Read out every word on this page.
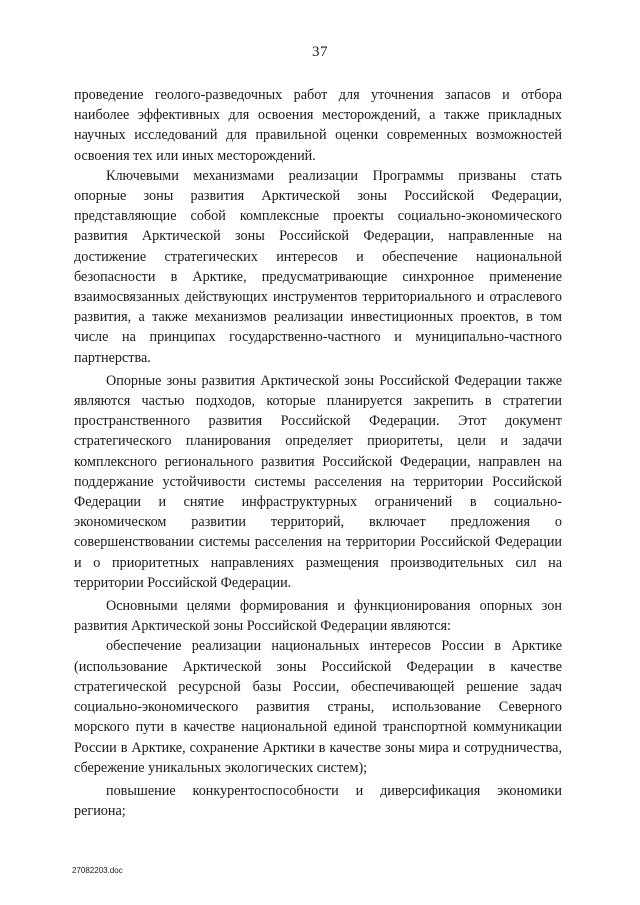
37

проведение геолого-разведочных работ для уточнения запасов и отбора наиболее эффективных для освоения месторождений, а также прикладных научных исследований для правильной оценки современных возможностей освоения тех или иных месторождений.

Ключевыми механизмами реализации Программы призваны стать опорные зоны развития Арктической зоны Российской Федерации, представляющие собой комплексные проекты социально-экономического развития Арктической зоны Российской Федерации, направленные на достижение стратегических интересов и обеспечение национальной безопасности в Арктике, предусматривающие синхронное применение взаимосвязанных действующих инструментов территориального и отраслевого развития, а также механизмов реализации инвестиционных проектов, в том числе на принципах государственно-частного и муниципально-частного партнерства.

Опорные зоны развития Арктической зоны Российской Федерации также являются частью подходов, которые планируется закрепить в стратегии пространственного развития Российской Федерации. Этот документ стратегического планирования определяет приоритеты, цели и задачи комплексного регионального развития Российской Федерации, направлен на поддержание устойчивости системы расселения на территории Российской Федерации и снятие инфраструктурных ограничений в социально-экономическом развитии территорий, включает предложения о совершенствовании системы расселения на территории Российской Федерации и о приоритетных направлениях размещения производительных сил на территории Российской Федерации.

Основными целями формирования и функционирования опорных зон развития Арктической зоны Российской Федерации являются:

обеспечение реализации национальных интересов России в Арктике (использование Арктической зоны Российской Федерации в качестве стратегической ресурсной базы России, обеспечивающей решение задач социально-экономического развития страны, использование Северного морского пути в качестве национальной единой транспортной коммуникации России в Арктике, сохранение Арктики в качестве зоны мира и сотрудничества, сбережение уникальных экологических систем);

повышение конкурентоспособности и диверсификация экономики региона;

27082203.doc
